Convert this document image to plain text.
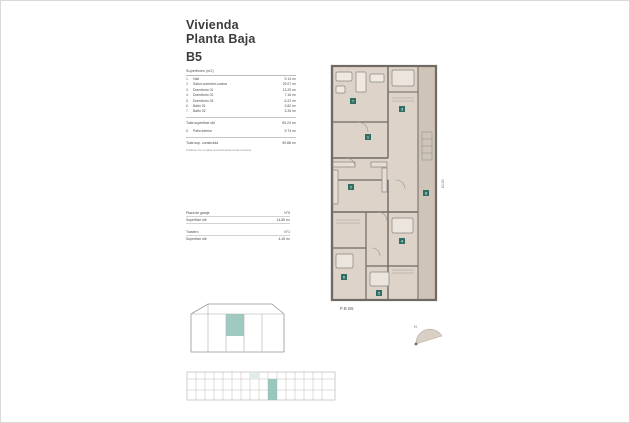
Vivienda
Planta Baja
B5
Superficies (m2)
1.	Hall	9.14 m²
2.	Salón-comedor-cocina	29.07 m²
3.	Dormitorio 01	13.20 m²
4.	Dormitorio 02	7.16 m²
5.	Dormitorio 03	6.22 m²
6.	Baño 01	3.82 m²
7.	Baño 02	3.26 m²
Total superficie útil	69.24 m²
8.	Patio interior	9.74 m²
Total sup. construida	90.88 m²
Contiene con su parte proporcional de zonas comunes
Plaza de garaje	N°5
Superficie útil	14.85 m²
Trastero	N°1
Superficie útil	4.45 m²
1
2
3
4
5
6
7
8
10.30
P.B B5
N
